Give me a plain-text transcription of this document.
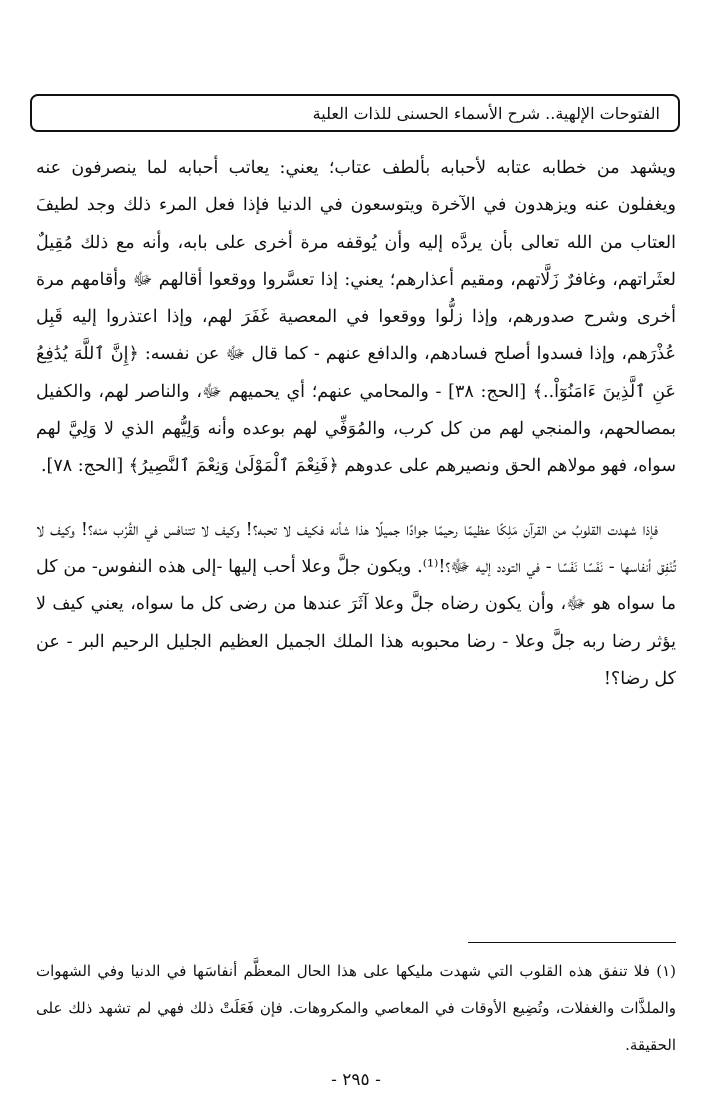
الفتوحات الإلهية.. شرح الأسماء الحسنى للذات العلية

ويشهد من خطابه عتابه لأحبابه بألطف عتاب؛ يعني: يعاتب أحبابه لما ينصرفون عنه ويغفلون عنه ويزهدون في الآخرة ويتوسعون في الدنيا فإذا فعل المرء ذلك وجد لطيفَ العتاب من الله تعالى بأن يردَّه إليه وأن يُوقفه مرة أخرى على بابه، وأنه مع ذلك مُقِيلٌ لعثَراتهم، وغافرٌ زَلَّاتهم، ومقيم أعذارهم؛ يعني: إذا تعسَّروا ووقعوا أقالهم ﷻ وأقامهم مرة أخرى وشرح صدورهم، وإذا زلُّوا ووقعوا في المعصية غَفَرَ لهم، وإذا اعتذروا إليه قَبِل عُذْرَهم، وإذا فسدوا أصلح فسادهم، والدافع عنهم - كما قال ﷻ عن نفسه: ﴿إِنَّ ٱللَّهَ يُدَٰفِعُ عَنِ ٱلَّذِينَ ءَامَنُوٓاْ..﴾ [الحج: ٣٨] - والمحامي عنهم؛ أي يحميهم ﷻ، والناصر لهم، والكفيل بمصالحهم، والمنجي لهم من كل كرب، والمُوَفِّي لهم بوعده وأنه وَلِيُّهم الذي لا وَلِيَّ لهم سواه، فهو مولاهم الحق ونصيرهم على عدوهم ﴿فَنِعْمَ ٱلْمَوْلَىٰ وَنِعْمَ ٱلنَّصِيرُ﴾ [الحج: ٧٨].

فإذا شهدت القلوبُ من القرآن مَلِكًا عظيمًا رحيمًا جوادًا جميلًا هذا شأنه فكيف لا تحبه؟! وكيف لا تتنافس في القُرْب منه؟! وكيف لا تُنْفِق أنفاسها - نَفَسًا نَفَسًا - في التودد إليه ﷻ؟!⁽¹⁾. ويكون جلَّ وعلا أحب إليها -إلى هذه النفوس- من كل ما سواه هو ﷻ، وأن يكون رضاه جلَّ وعلا آثَرَ عندها من رضى كل ما سواه، يعني كيف لا يؤثر رضا ربه جلَّ وعلا - رضا محبوبه هذا الملك الجميل العظيم الجليل الرحيم البر - عن كل رضا؟!

(١) فلا تنفق هذه القلوب التي شهدت مليكها على هذا الحال المعظَّم أنفاسَها في الدنيا وفي الشهوات والملذَّات والغفلات، وتُضِيع الأوقات في المعاصي والمكروهات. فإن فَعَلَتْ ذلك فهي لم تشهد ذلك على الحقيقة.
- ٢٩٥ -
